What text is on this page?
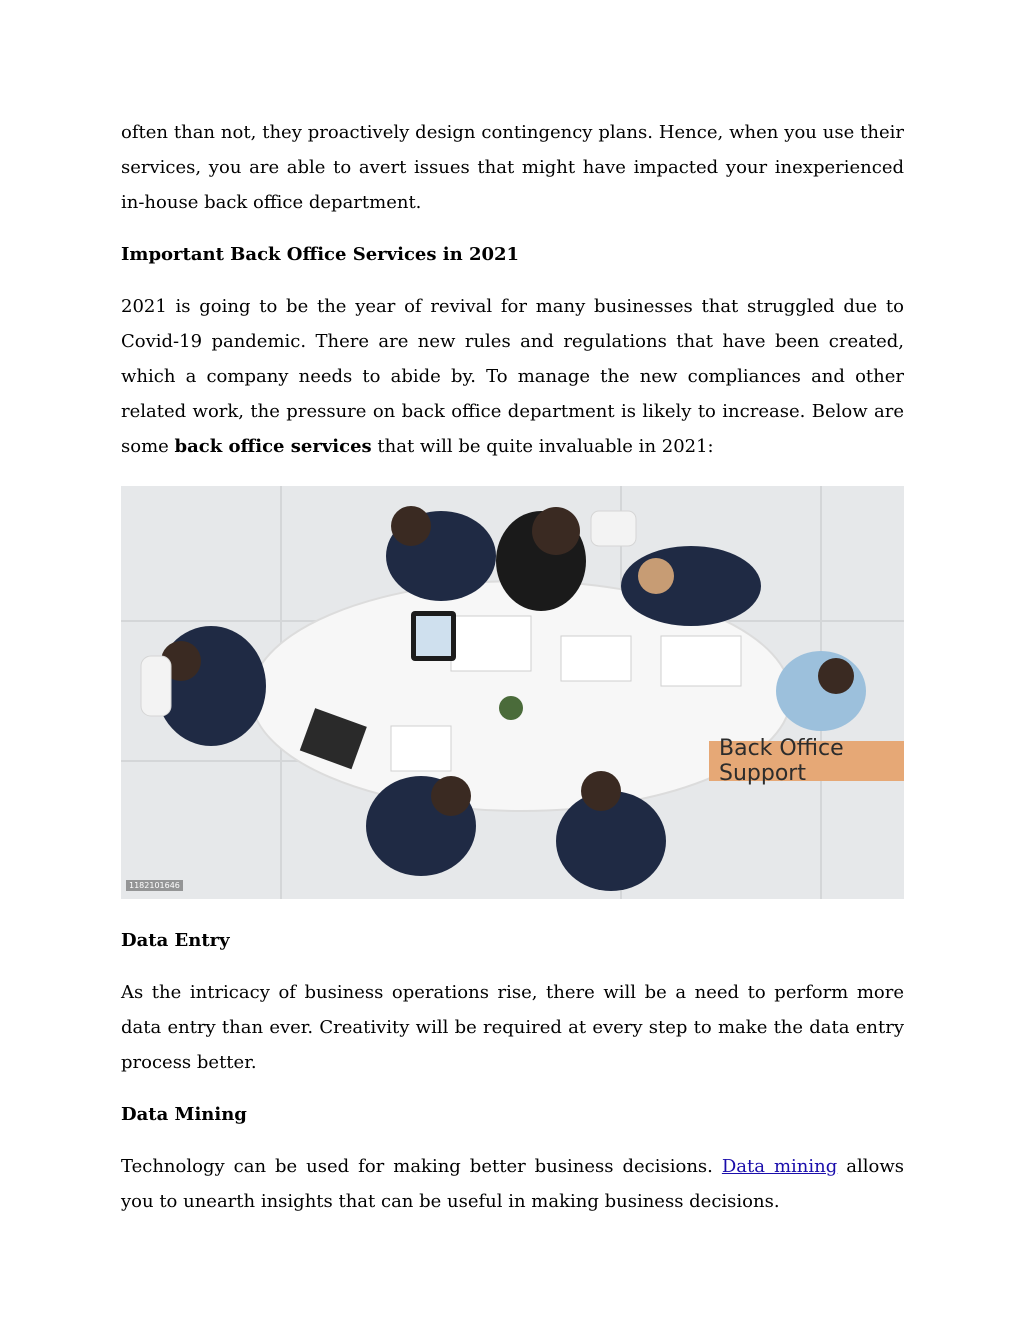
often than not, they proactively design contingency plans. Hence, when you use their services, you are able to avert issues that might have impacted your inexperienced in-house back office department.

Important Back Office Services in 2021

2021 is going to be the year of revival for many businesses that struggled due to Covid-19 pandemic. There are new rules and regulations that have been created, which a company needs to abide by. To manage the new compliances and other related work, the pressure on back office department is likely to increase. Below are some back office services that will be quite invaluable in 2021:

Back Office Support
1182101646
Data Entry

As the intricacy of business operations rise, there will be a need to perform more data entry than ever. Creativity will be required at every step to make the data entry process better.

Data Mining

Technology can be used for making better business decisions. Data mining allows you to unearth insights that can be useful in making business decisions.
